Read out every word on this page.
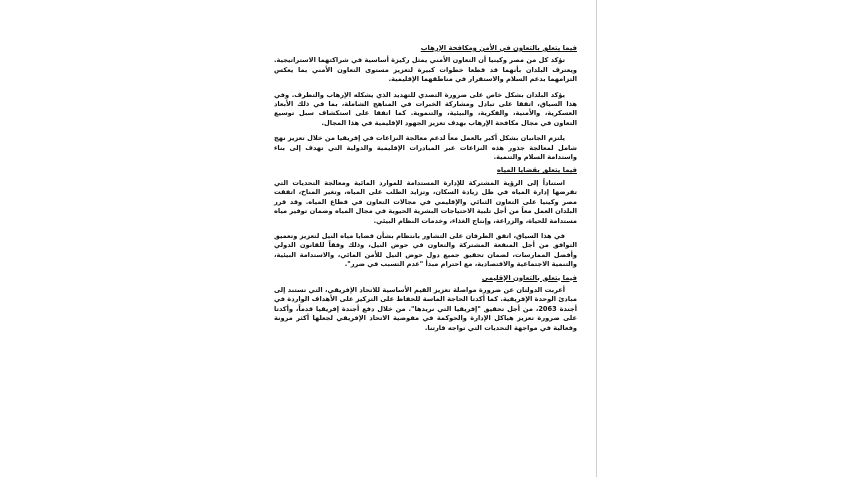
فيما يتعلق بالتعاون في الأمن ومكافحة الإرهاب
تؤكد كل من مصر وكينيا أن التعاون الأمني يمثل ركيزة أساسية في شراكتهما الاستراتيجية. ويعترف البلدان بأنهما قد قطعا خطوات كبيرة لتعزيز مستوى التعاون الأمني بما يعكس التزامهما بدعم السلام والاستقرار في مناطقهما الإقليمية.
يؤكد البلدان بشكل خاص على ضرورة التصدي للتهديد الذي يشكله الإرهاب والتطرف. وفي هذا السياق، اتفقا على تبادل ومشاركة الخبرات في المناهج الشاملة، بما في ذلك الأبعاد العسكرية، والأمنية، والفكرية، والبيئية، والتنموية. كما اتفقا على استكشاف سبل توسيع التعاون في مجال مكافحة الإرهاب بهدف تعزيز الجهود الإقليمية في هذا المجال.
يلتزم الجانبان بشكل أكبر بالعمل معاً لدعم معالجة النزاعات في إفريقيا من خلال تعزيز نهج شامل لمعالجة جذور هذه النزاعات عبر المبادرات الإقليمية والدولية التي تهدف إلى بناء واستدامة السلام والتنمية.
فيما يتعلق بقضايا المياه
استناداً إلى الرؤية المشتركة للإدارة المستدامة للموارد المائية ومعالجة التحديات التي تفرضها إدارة المياه في ظل زيادة السكان، وتزايد الطلب على المياه، وتغير المناخ، اتفقت مصر وكينيا على التعاون الثنائي والإقليمي في مجالات التعاون في قطاع المياه. وقد قرر البلدان العمل معاً من أجل تلبية الاحتياجات البشرية الحيوية في مجال المياه وضمان توفير مياه مستدامة للحياة، والزراعة، وإنتاج الغذاء، وخدمات النظام البيئي.
في هذا السياق، اتفق الطرفان على التشاور بانتظام بشأن قضايا مياه النيل لتعزيز وتعميق التوافق من أجل المنفعة المشتركة والتعاون في حوض النيل، وذلك وفقاً للقانون الدولي وأفضل الممارسات، لضمان تحقيق جميع دول حوض النيل للأمن المائي، والاستدامة البيئية، والتنمية الاجتماعية والاقتصادية، مع احترام مبدأ "عدم التسبب في ضرر".
فيما يتعلق بالتعاون الإقليمي
أعربت الدولتان عن ضرورة مواصلة تعزيز القيم الأساسية للاتحاد الإفريقي، التي تستند إلى مبادئ الوحدة الإفريقية. كما أكدتا الحاجة الماسة للحفاظ على التركيز على الأهداف الواردة في أجندة 2063، من أجل تحقيق "إفريقيا التي نريدها". من خلال دفع أجندة إفريقيا قدماً، وأكدتا على ضرورة تعزيز هياكل الإدارة والحوكمة في مفوضية الاتحاد الإفريقي لجعلها أكثر مرونة وفعالية في مواجهة التحديات التي تواجه قارتنا.
